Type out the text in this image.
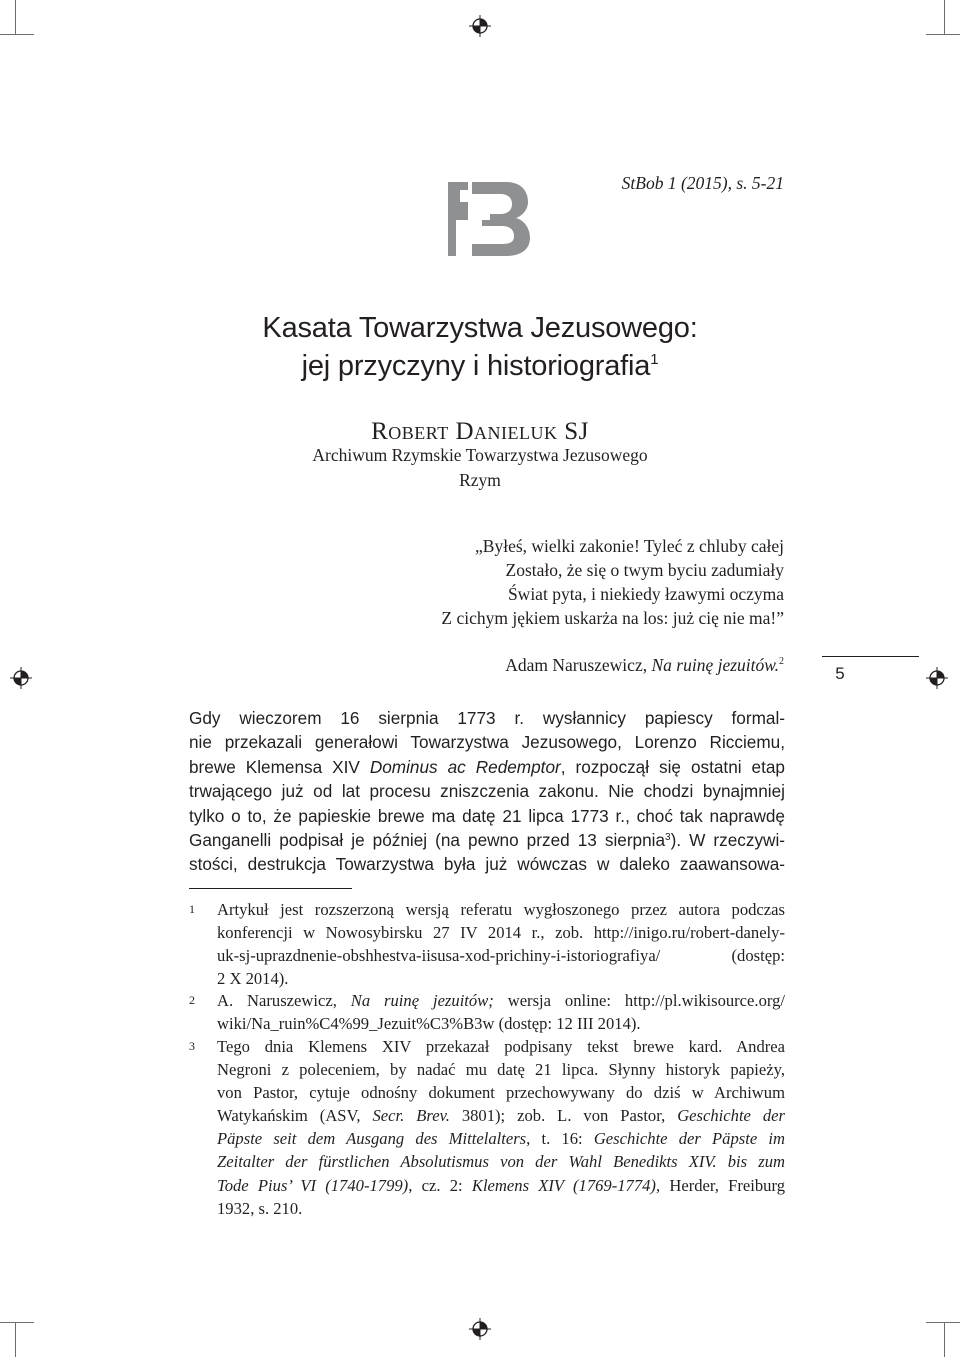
StBob 1 (2015), s. 5-21
Kasata Towarzystwa Jezusowego:
jej przyczyny i historiografia$^1$
Robert Danieluk SJ
Archiwum Rzymskie Towarzystwa Jezusowego
Rzym
„Byłeś, wielki zakonie! Tyleć z chluby całej
Zostało, że się o twym byciu zadumiały
Świat pyta, i niekiedy łzawymi oczyma
Z cichym jękiem uskarża na los: już cię nie ma!”
Adam Naruszewicz, Na ruinę jezuitów.$^2$
5
Gdy wieczorem 16 sierpnia 1773 r. wysłannicy papiescy formal-
nie przekazali generałowi Towarzystwa Jezusowego, Lorenzo Ricciemu,
brewe Klemensa XIV Dominus ac Redemptor, rozpoczął się ostatni etap
trwającego już od lat procesu zniszczenia zakonu. Nie chodzi bynajmniej
tylko o to, że papieskie brewe ma datę 21 lipca 1773 r., choć tak naprawdę
Ganganelli podpisał je później (na pewno przed 13 sierpnia$^3$). W rzeczywi-
stości, destrukcja Towarzystwa była już wówczas w daleko zaawansowa-
1 Artykuł jest rozszerzoną wersją referatu wygłoszonego przez autora podczas
konferencji w Nowosybirsku 27 IV 2014 r., zob. http://inigo.ru/robert-danely-
uk-sj-uprazdnenie-obshhestva-iisusa-xod-prichiny-i-istoriografiya/ (dostęp:
2 X 2014).
2 A. Naruszewicz, Na ruinę jezuitów; wersja online: http://pl.wikisource.org/
wiki/Na_ruin%C4%99_Jezuit%C3%B3w (dostęp: 12 III 2014).
3 Tego dnia Klemens XIV przekazał podpisany tekst brewe kard. Andrea
Negroni z poleceniem, by nadać mu datę 21 lipca. Słynny historyk papieży,
von Pastor, cytuje odnośny dokument przechowywany do dziś w Archiwum
Watykańskim (ASV, Secr. Brev. 3801); zob. L. von Pastor, Geschichte der
Päpste seit dem Ausgang des Mittelalters, t. 16: Geschichte der Päpste im
Zeitalter der fürstlichen Absolutismus von der Wahl Benedikts XIV. bis zum
Tode Pius’ VI (1740-1799), cz. 2: Klemens XIV (1769-1774), Herder, Freiburg
1932, s. 210.
